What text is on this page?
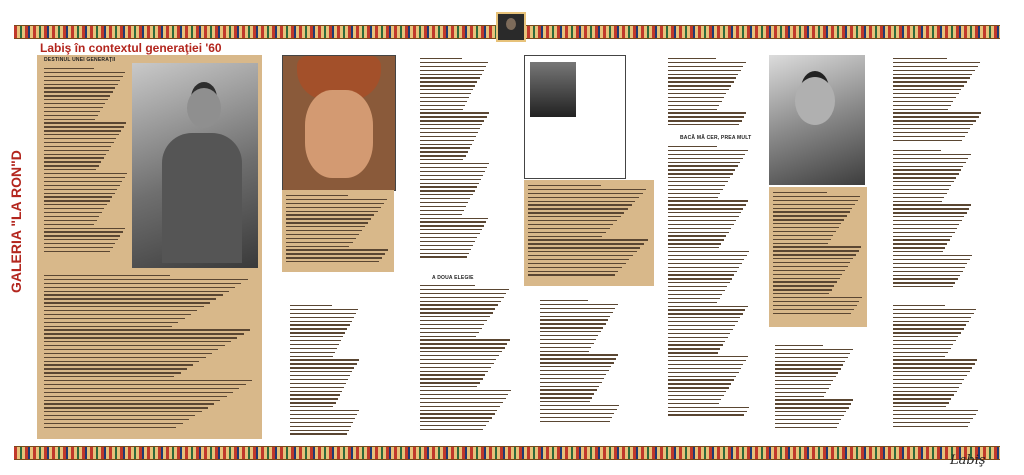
Labiş în contextul generaţiei '60
GALERIA "LA RON"D
Labiş
DESTINUL UNEI GENERAŢII
A DOUA ELEGIE
BACĂ MĂ CER, PREA MULT
